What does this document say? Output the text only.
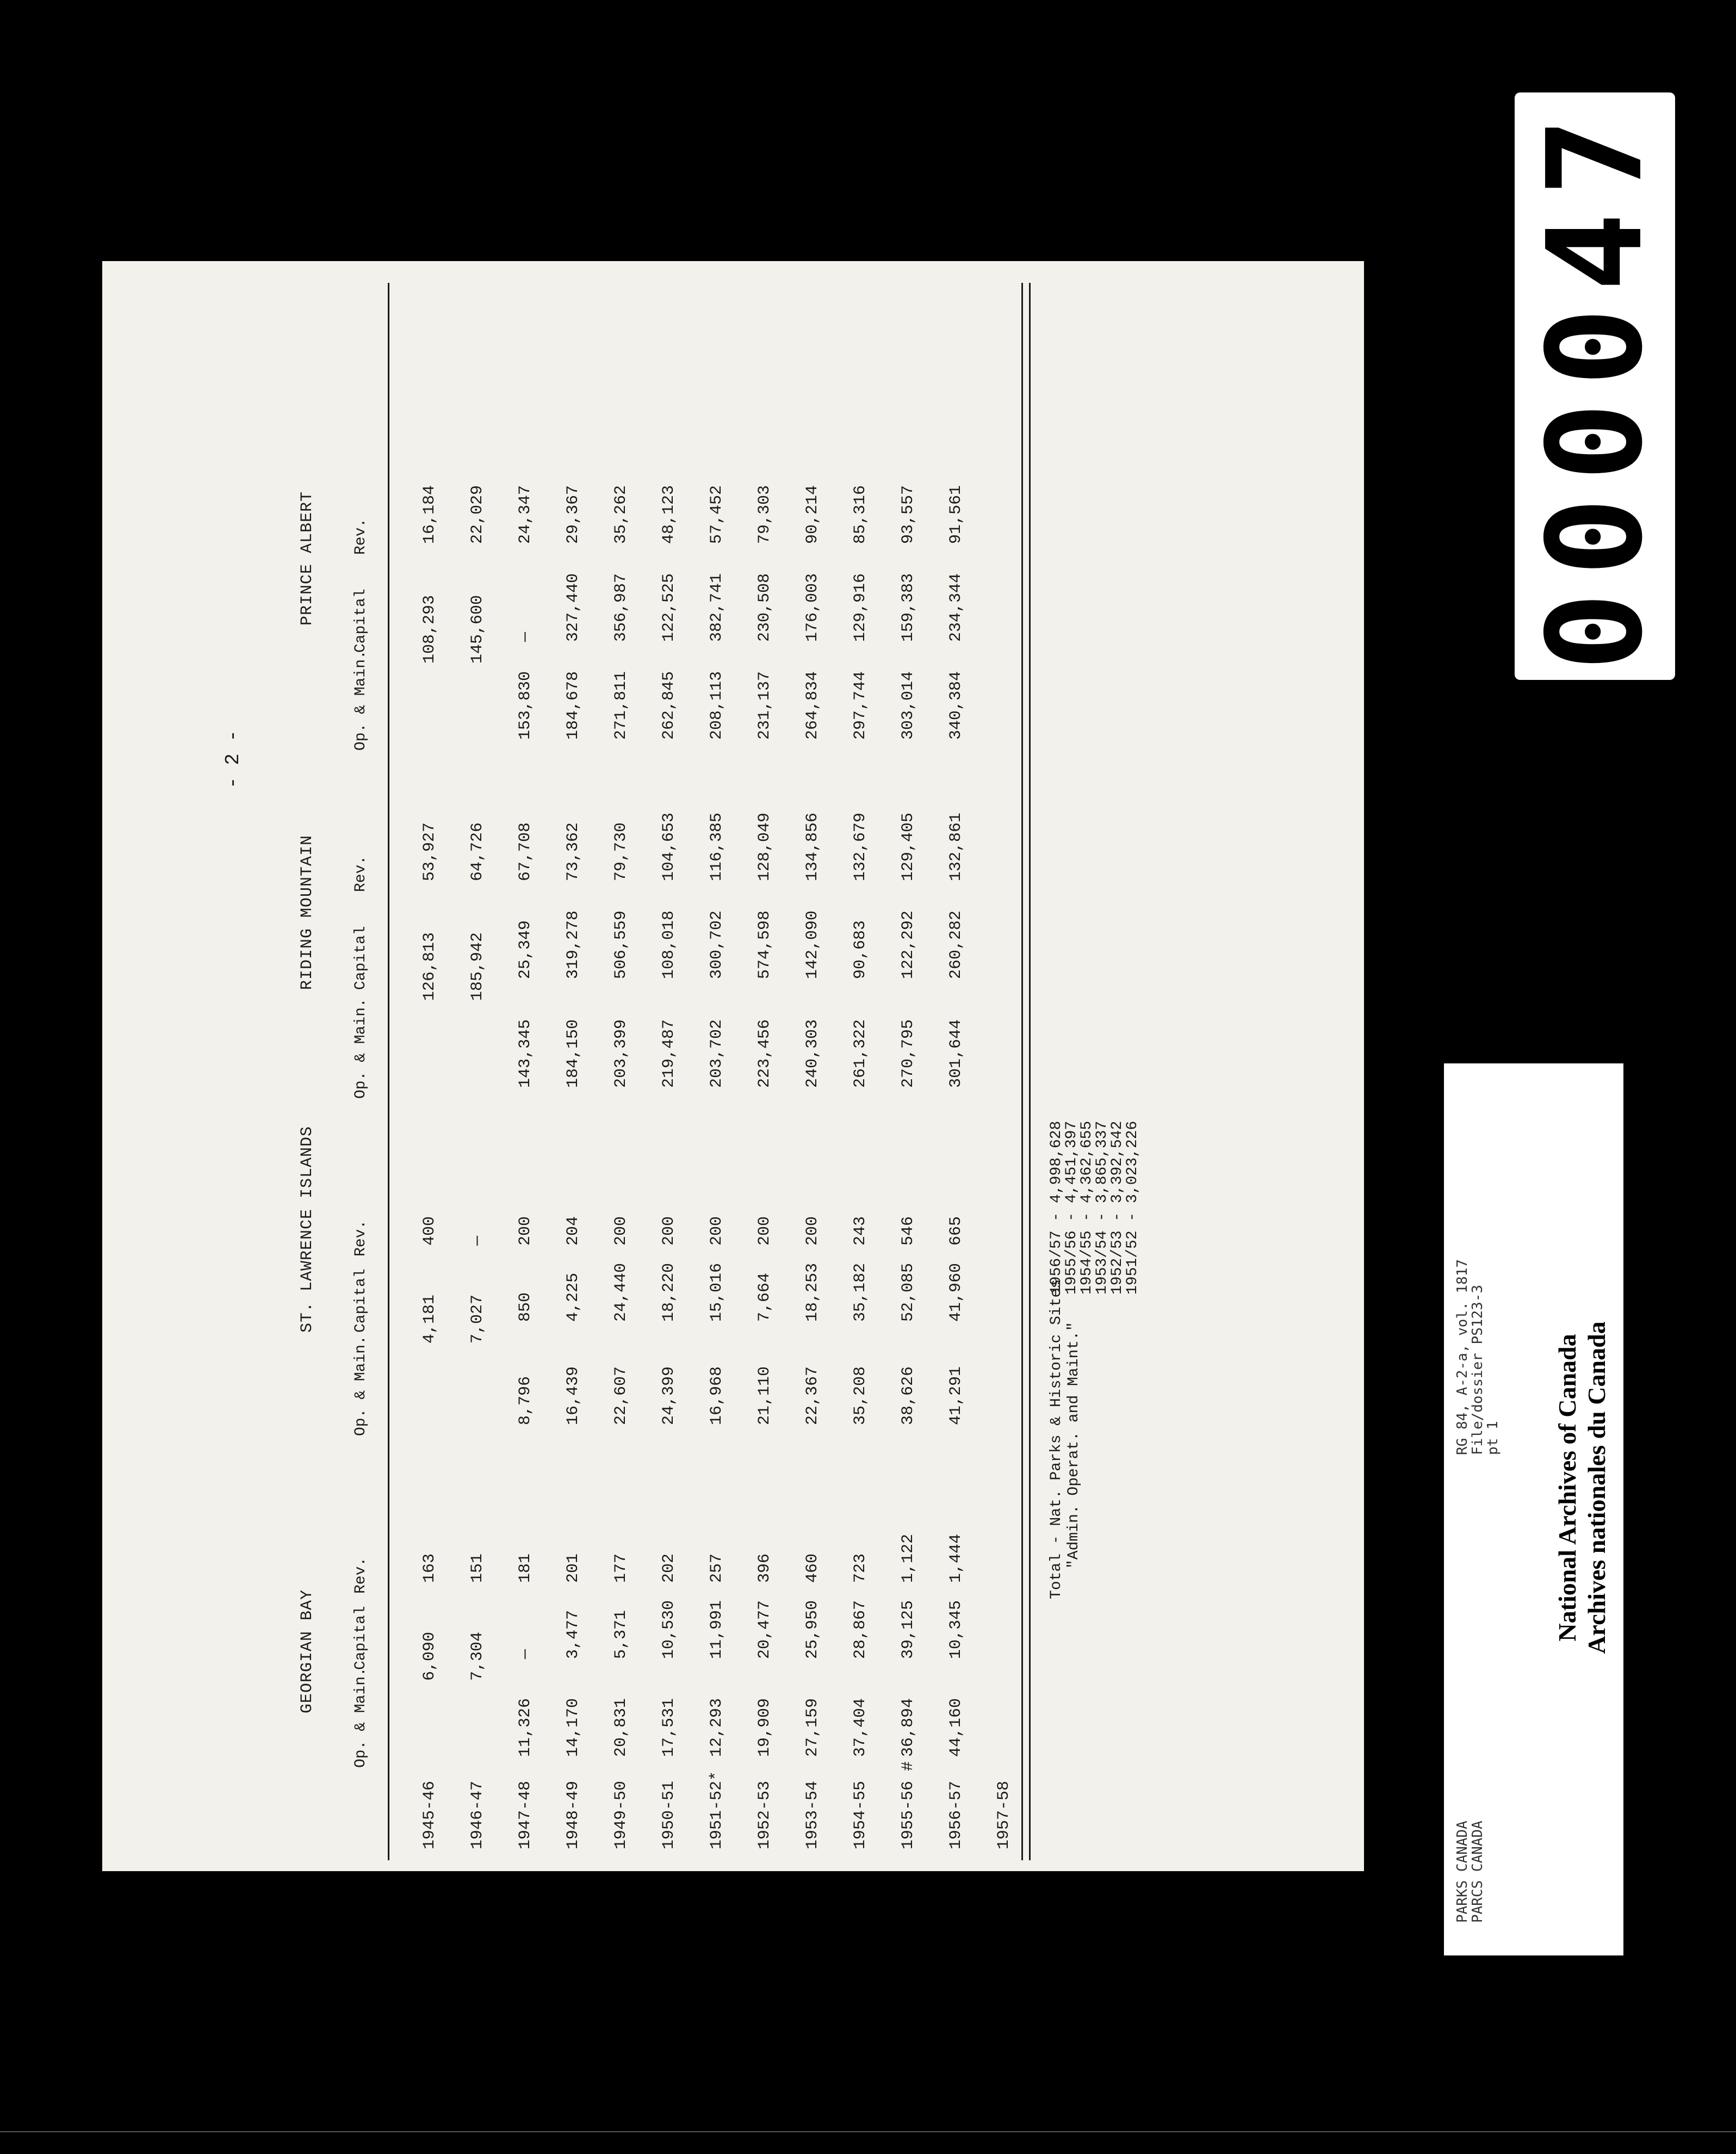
- 2 -
GEORGIAN BAY
Op. & Main.
Capital
Rev.
ST. LAWRENCE ISLANDS
Op. & Main.
Capital
Rev.
RIDING MOUNTAIN
Op. & Main.
Capital
Rev.
PRINCE ALBERT
Op. & Main.
Capital
Rev.
1945-46
6,090
163
4,181
400
126,813
53,927
108,293
16,184
1946-47
7,304
151
7,027
—
185,942
64,726
145,600
22,029
1947-48
11,326
—
181
8,796
850
200
143,345
25,349
67,708
153,830
—
24,347
1948-49
14,170
3,477
201
16,439
4,225
204
184,150
319,278
73,362
184,678
327,440
29,367
1949-50
20,831
5,371
177
22,607
24,440
200
203,399
506,559
79,730
271,811
356,987
35,262
1950-51
17,531
10,530
202
24,399
18,220
200
219,487
108,018
104,653
262,845
122,525
48,123
1951-52*
12,293
11,991
257
16,968
15,016
200
203,702
300,702
116,385
208,113
382,741
57,452
1952-53
19,909
20,477
396
21,110
7,664
200
223,456
574,598
128,049
231,137
230,508
79,303
1953-54
27,159
25,950
460
22,367
18,253
200
240,303
142,090
134,856
264,834
176,003
90,214
1954-55
37,404
28,867
723
35,208
35,182
243
261,322
90,683
132,679
297,744
129,916
85,316
1955-56 #
36,894
39,125
1,122
38,626
52,085
546
270,795
122,292
129,405
303,014
159,383
93,557
1956-57
44,160
10,345
1,444
41,291
41,960
665
301,644
260,282
132,861
340,384
234,344
91,561
1957-58
Total - Nat. Parks & Historic Sites "Admin. Operat. and Maint."
1956/57 - 4,998,628
1955/56 - 4,451,397
1954/55 - 4,362,655
1953/54 - 3,865,337
1952/53 - 3,392,542
1951/52 - 3,023,226
PARKS CANADA
PARCS CANADA
RG 84, A-2-a, vol. 1817
File/dossier PS123-3
pt 1 National Archives of Canada Archives nationales du Canada
000047
